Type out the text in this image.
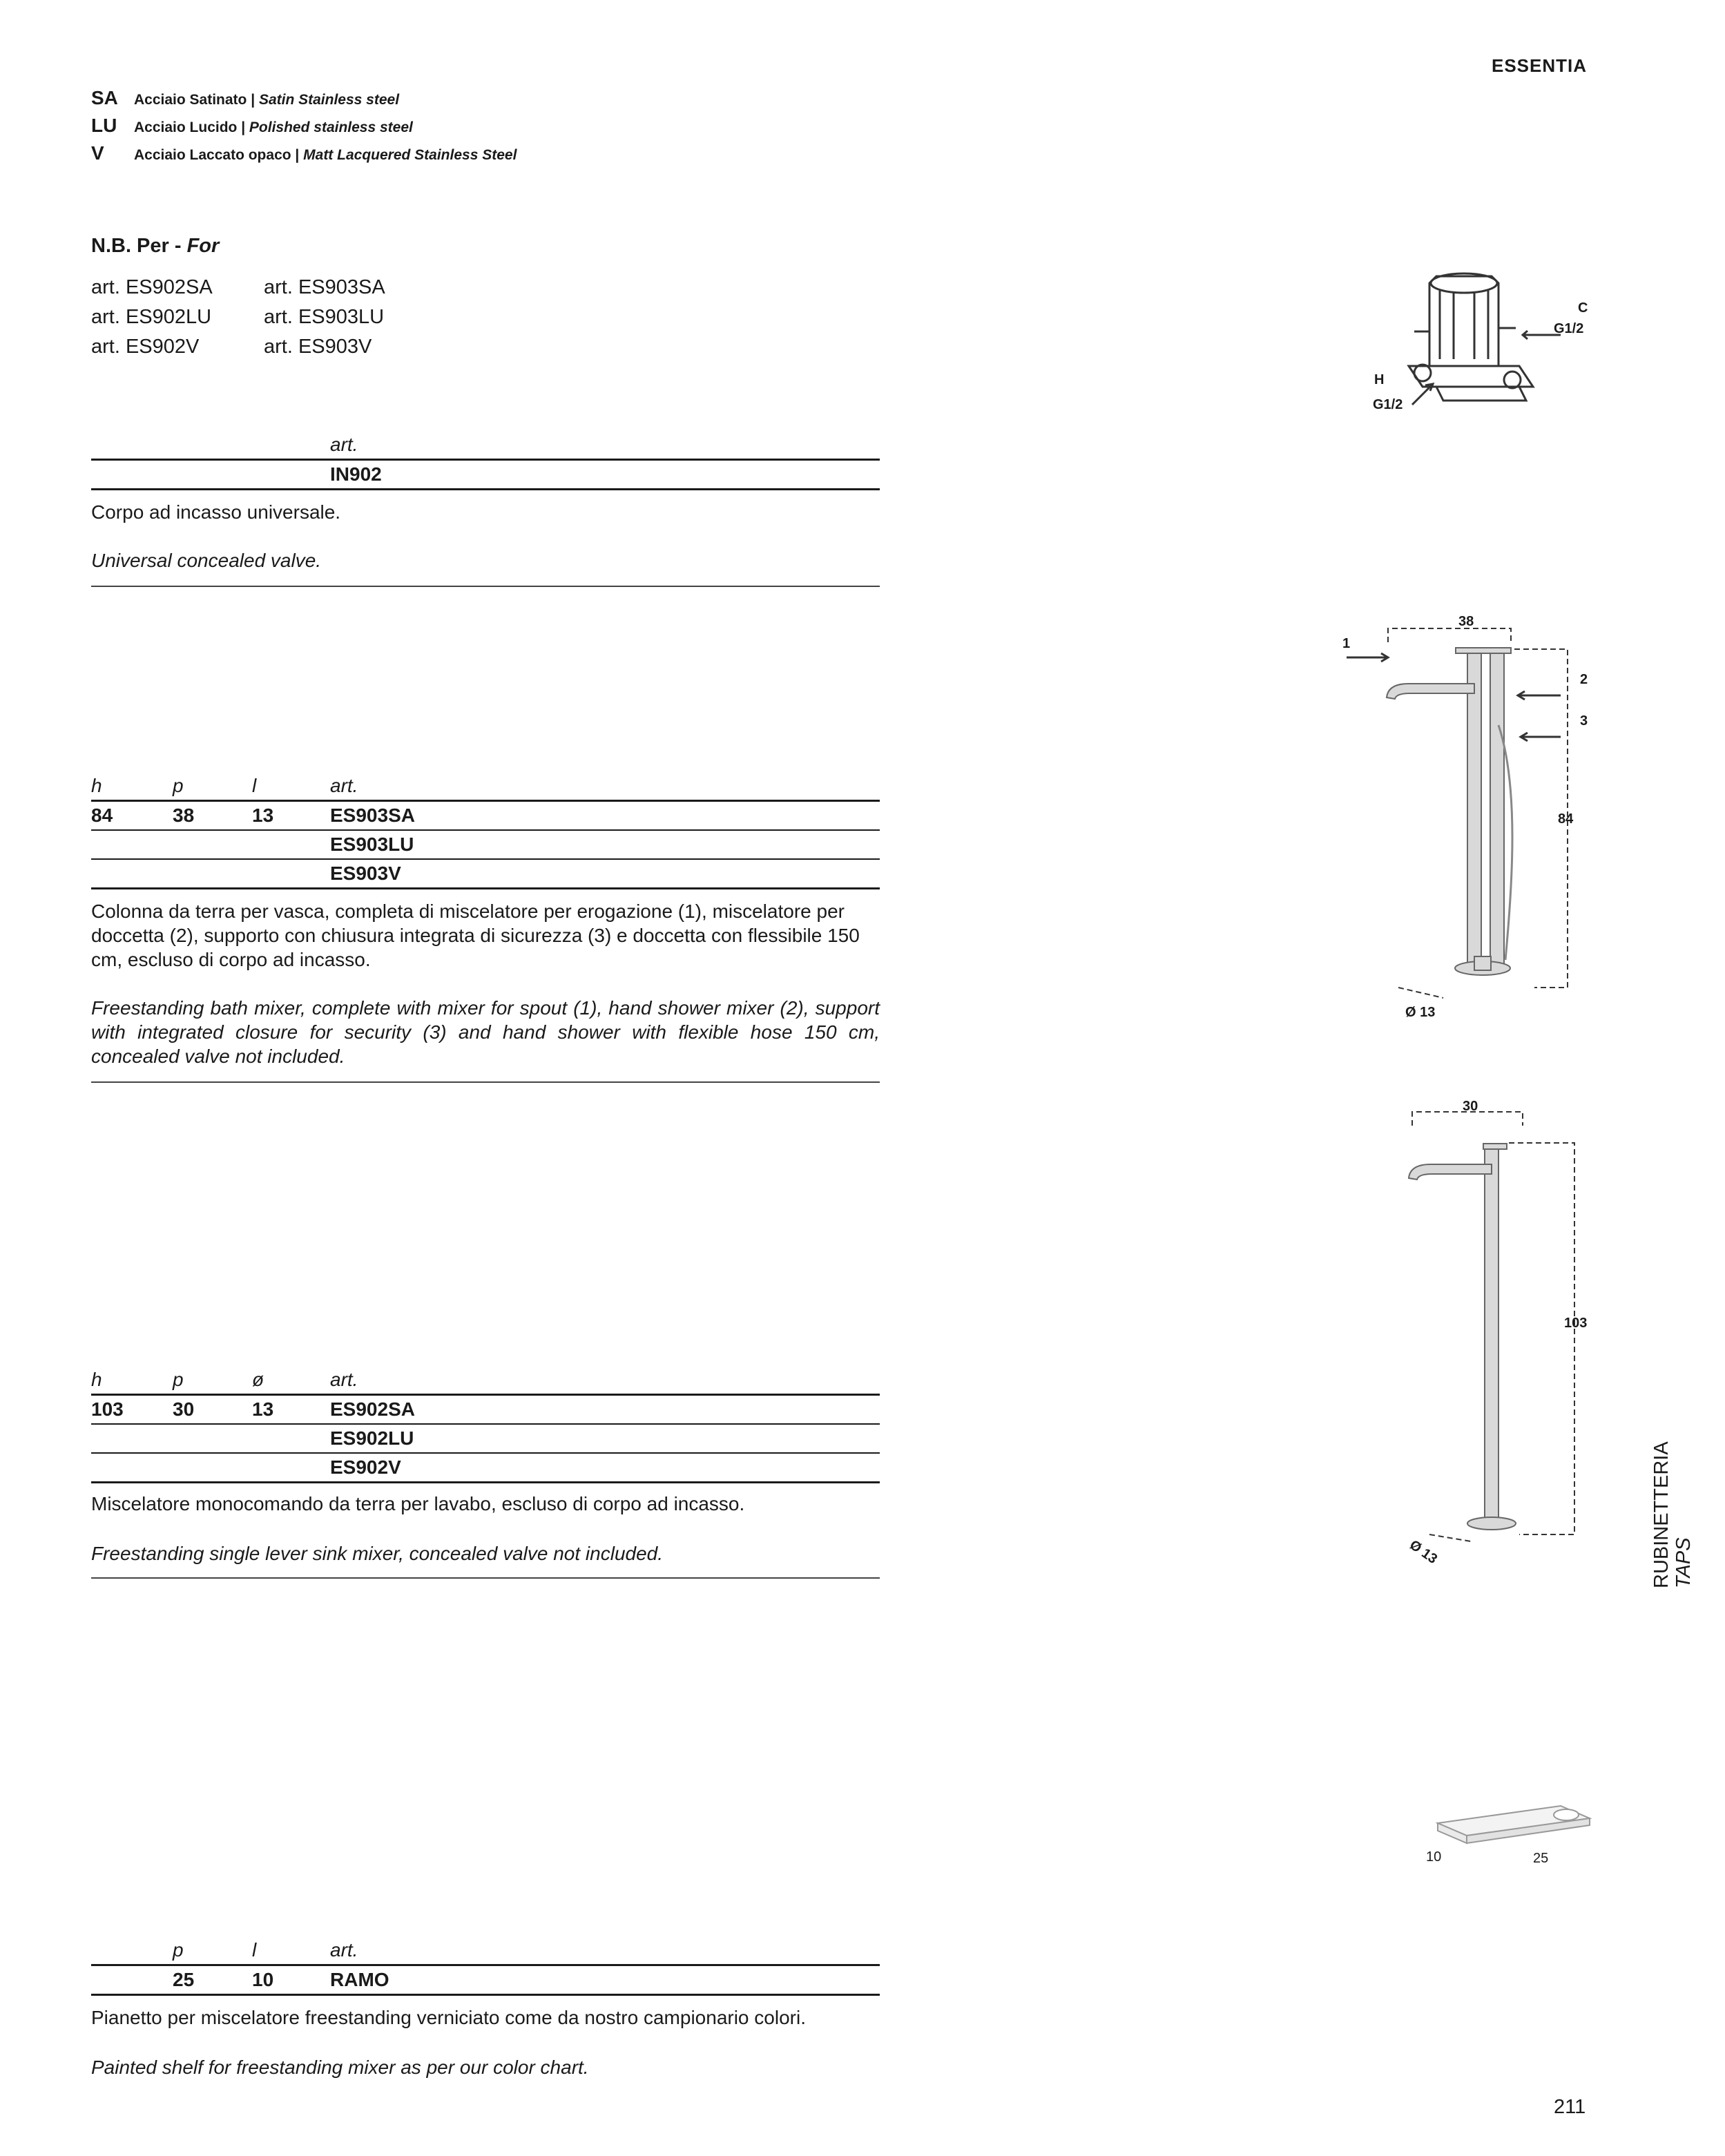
ESSENTIA
SA	Acciaio Satinato | Satin Stainless steel
LU	Acciaio Lucido | Polished stainless steel
V	Acciaio Laccato opaco | Matt Lacquered Stainless Steel
N.B. Per - For
art. ES902SA	art. ES903SA
art. ES902LU	art. ES903LU
art. ES902V	art. ES903V
art.
IN902
Corpo ad incasso universale.
Universal concealed valve.
C
G1/2
H
G1/2
h	p	l	art.
84	38	13	ES903SA
ES903LU
ES903V
Colonna da terra per vasca, completa di miscelatore per erogazione (1), miscelatore per doccetta (2), supporto con chiusura integrata di sicurezza (3) e doccetta con flessibile 150 cm, escluso di corpo ad incasso.
Freestanding bath mixer, complete with mixer for spout (1), hand shower mixer (2), support with integrated closure for security (3) and hand shower with flexible hose 150 cm, concealed valve not included.
38
1
2
3
84
Ø 13
h	p	ø	art.
103	30	13	ES902SA
ES902LU
ES902V
Miscelatore monocomando da terra per lavabo, escluso di corpo ad incasso.
Freestanding single lever sink mixer, concealed valve not included.
30
103
Ø 13
p	l	art.
25	10	RAMO
Pianetto per miscelatore freestanding verniciato come da nostro campionario colori.
Painted shelf for freestanding mixer as per our color chart.
10	25
RUBINETTERIA TAPS
211
